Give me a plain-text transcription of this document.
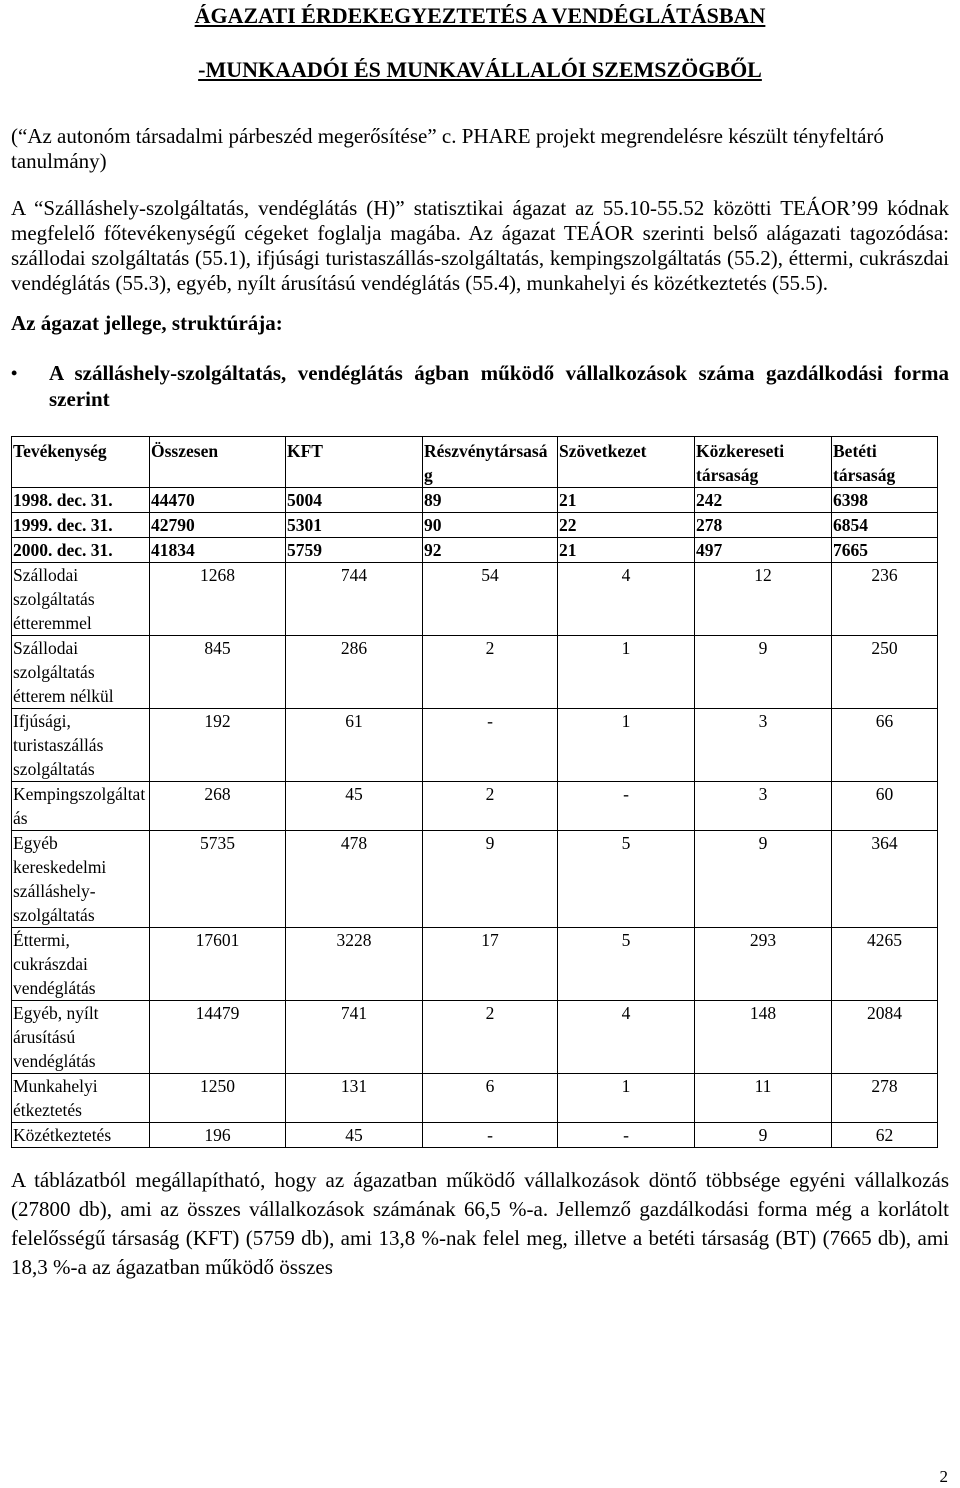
ÁGAZATI ÉRDEKEGYEZTETÉS A VENDÉGLÁTÁSBAN

-MUNKAADÓI ÉS MUNKAVÁLLALÓI SZEMSZÖGBŐL

(“Az autonóm társadalmi párbeszéd megerősítése” c. PHARE projekt megrendelésre készült tényfeltáró tanulmány)

A “Szálláshely-szolgáltatás, vendéglátás (H)” statisztikai ágazat az 55.10-55.52 közötti TEÁOR’99 kódnak megfelelő főtevékenységű cégeket foglalja magába. Az ágazat TEÁOR szerinti belső alágazati tagozódása: szállodai szolgáltatás (55.1), ifjúsági turistaszállás-szolgáltatás, kempingszolgáltatás (55.2), éttermi, cukrászdai vendéglátás (55.3), egyéb, nyílt árusítású vendéglátás (55.4), munkahelyi és közétkeztetés (55.5).

Az ágazat jellege, struktúrája:

•	A szálláshely-szolgáltatás, vendéglátás ágban működő vállalkozások száma gazdálkodási forma szerint
Tevékenység	Összesen	KFT	Részvénytársaság	Szövetkezet	Közkereseti társaság	Betéti társaság
1998. dec. 31.	44470	5004	89	21	242	6398
1999. dec. 31.	42790	5301	90	22	278	6854
2000. dec. 31.	41834	5759	92	21	497	7665
Szállodai szolgáltatás étteremmel	1268	744	54	4	12	236
Szállodai szolgáltatás étterem nélkül	845	286	2	1	9	250
Ifjúsági, turistaszállás szolgáltatás	192	61	-	1	3	66
Kempingszolgáltatás	268	45	2	-	3	60
Egyéb kereskedelmi szálláshely-szolgáltatás	5735	478	9	5	9	364
Éttermi, cukrászdai vendéglátás	17601	3228	17	5	293	4265
Egyéb, nyílt árusítású vendéglátás	14479	741	2	4	148	2084
Munkahelyi étkeztetés	1250	131	6	1	11	278
Közétkeztetés	196	45	-	-	9	62

A táblázatból megállapítható, hogy az ágazatban működő vállalkozások döntő többsége egyéni vállalkozás (27800 db), ami az összes vállalkozások számának 66,5 %-a. Jellemző gazdálkodási forma még a korlátolt felelősségű társaság (KFT) (5759 db), ami 13,8 %-nak felel meg, illetve a betéti társaság (BT) (7665 db), ami 18,3 %-a az ágazatban működő összes

2
